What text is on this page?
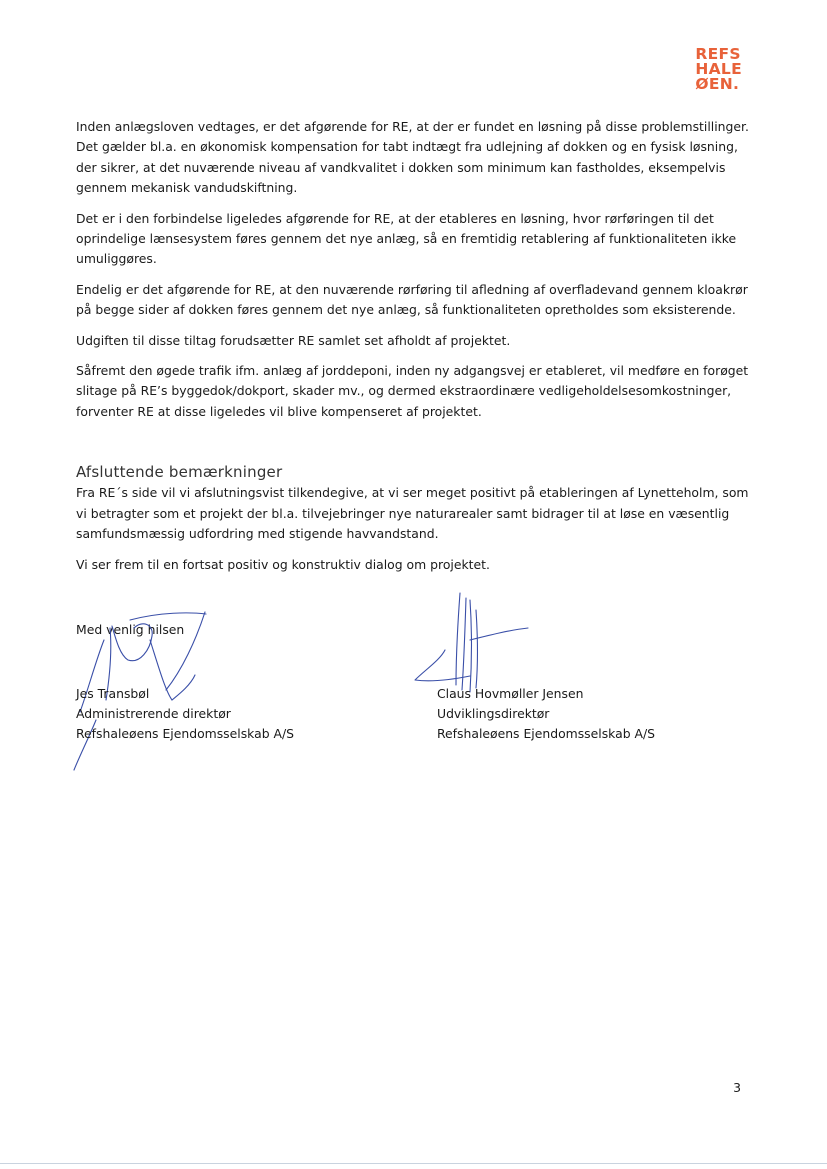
REFS
HALE
ØEN.

Inden anlægsloven vedtages, er det afgørende for RE, at der er fundet en løsning på disse problemstillinger. Det gælder bl.a. en økonomisk kompensation for tabt indtægt fra udlejning af dokken og en fysisk løsning, der sikrer, at det nuværende niveau af vandkvalitet i dokken som minimum kan fastholdes, eksempelvis gennem mekanisk vandudskiftning.

Det er i den forbindelse ligeledes afgørende for RE, at der etableres en løsning, hvor rørføringen til det oprindelige lænsesystem føres gennem det nye anlæg, så en fremtidig retablering af funktionaliteten ikke umuliggøres.

Endelig er det afgørende for RE, at den nuværende rørføring til afledning af overfladevand gennem kloakrør på begge sider af dokken føres gennem det nye anlæg, så funktionaliteten opretholdes som eksisterende.

Udgiften til disse tiltag forudsætter RE samlet set afholdt af projektet.

Såfremt den øgede trafik ifm. anlæg af jorddeponi, inden ny adgangsvej er etableret, vil medføre en forøget slitage på RE’s byggedok/dokport, skader mv., og dermed ekstraordinære vedligeholdelsesomkostninger, forventer RE at disse ligeledes vil blive kompenseret af projektet.

Afsluttende bemærkninger

Fra RE´s side vil vi afslutningsvist tilkendegive, at vi ser meget positivt på etableringen af Lynetteholm, som vi betragter som et projekt der bl.a. tilvejebringer nye naturarealer samt bidrager til at løse en væsentlig samfundsmæssig udfordring med stigende havvandstand.

Vi ser frem til en fortsat positiv og konstruktiv dialog om projektet.

Med venlig hilsen
Jes Transbøl
Administrerende direktør
Refshaleøens Ejendomsselskab A/S
Claus Hovmøller Jensen
Udviklingsdirektør
Refshaleøens Ejendomsselskab A/S
3
